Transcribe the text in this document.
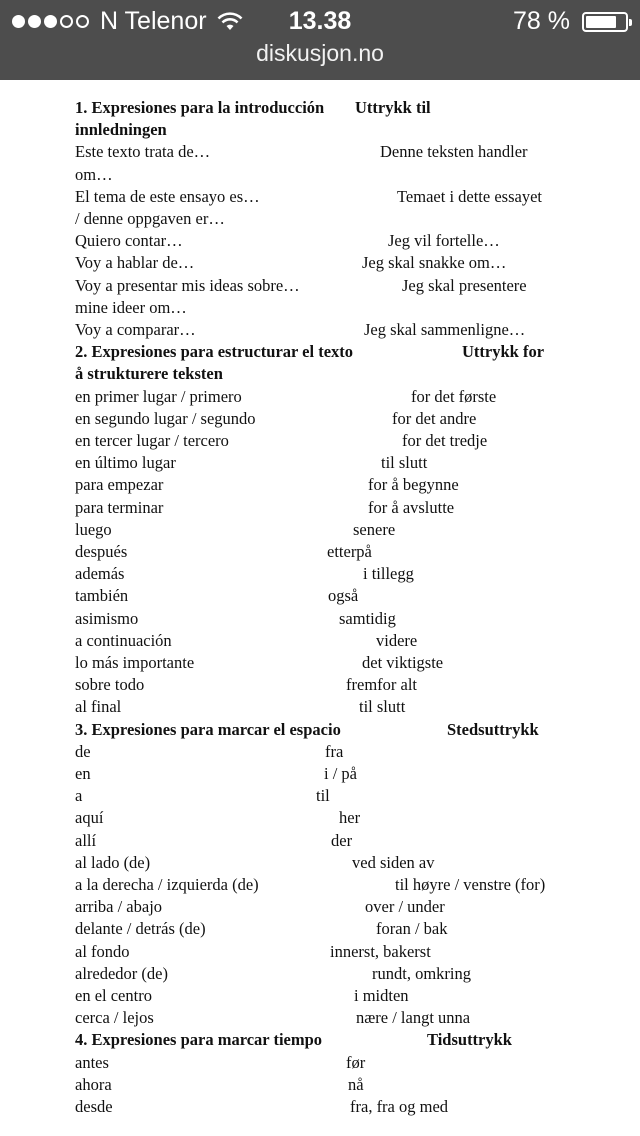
N Telenor	13.38	78 %
diskusjon.no
1. Expresiones para la introducción Uttrykk til
innledningen
Este texto trata de…	Denne teksten handler
om…
El tema de este ensayo es…	Temaet i dette essayet
/ denne oppgaven er…
Quiero contar…	Jeg vil fortelle…
Voy a hablar de…	Jeg skal snakke om…
Voy a presentar mis ideas sobre…	Jeg skal presentere
mine ideer om…
Voy a comparar…	Jeg skal sammenligne…
2. Expresiones para estructurar el texto	Uttrykk for
å strukturere teksten
en primer lugar / primero	for det første
en segundo lugar / segundo	for det andre
en tercer lugar / tercero	for det tredje
en último lugar	til slutt
para empezar	for å begynne
para terminar	for å avslutte
luego	senere
después	etterpå
además	i tillegg
también	også
asimismo	samtidig
a continuación	videre
lo más importante	det viktigste
sobre todo	fremfor alt
al final	til slutt
3. Expresiones para marcar el espacio	Stedsuttrykk
de	fra
en	i / på
a	til
aquí	her
allí	der
al lado (de)	ved siden av
a la derecha / izquierda (de)	til høyre / venstre (for)
arriba / abajo	over / under
delante / detrás (de)	foran / bak
al fondo	innerst, bakerst
alrededor (de)	rundt, omkring
en el centro	i midten
cerca / lejos	nære / langt unna
4. Expresiones para marcar tiempo	Tidsuttrykk
antes	før
ahora	nå
desde	fra, fra og med
